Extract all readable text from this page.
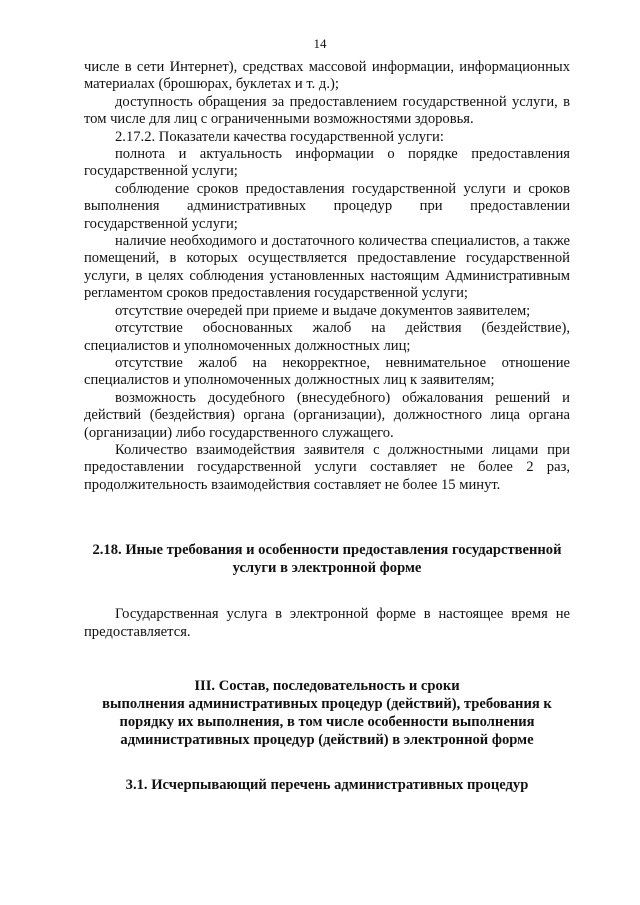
14

числе в сети Интернет), средствах массовой информации, информационных материалах (брошюрах, буклетах и т. д.);

доступность обращения за предоставлением государственной услуги, в том числе для лиц с ограниченными возможностями здоровья.

2.17.2. Показатели качества государственной услуги:

полнота и актуальность информации о порядке предоставления государственной услуги;

соблюдение сроков предоставления государственной услуги и сроков выполнения административных процедур при предоставлении государственной услуги;

наличие необходимого и достаточного количества специалистов, а также помещений, в которых осуществляется предоставление государственной услуги, в целях соблюдения установленных настоящим Административным регламентом сроков предоставления государственной услуги;

отсутствие очередей при приеме и выдаче документов заявителем;

отсутствие обоснованных жалоб на действия (бездействие), специалистов и уполномоченных должностных лиц;

отсутствие жалоб на некорректное, невнимательное отношение специалистов и уполномоченных должностных лиц к заявителям;

возможность досудебного (внесудебного) обжалования решений и действий (бездействия) органа (организации), должностного лица органа (организации) либо государственного служащего.

Количество взаимодействия заявителя с должностными лицами при предоставлении государственной услуги составляет не более 2 раз, продолжительность взаимодействия составляет не более 15 минут.

2.18. Иные требования и особенности предоставления государственной услуги в электронной форме

Государственная услуга в электронной форме в настоящее время не предоставляется.

III. Состав, последовательность и сроки
выполнения административных процедур (действий), требования к порядку их выполнения, в том числе особенности выполнения административных процедур (действий) в электронной форме
3.1. Исчерпывающий перечень административных процедур
